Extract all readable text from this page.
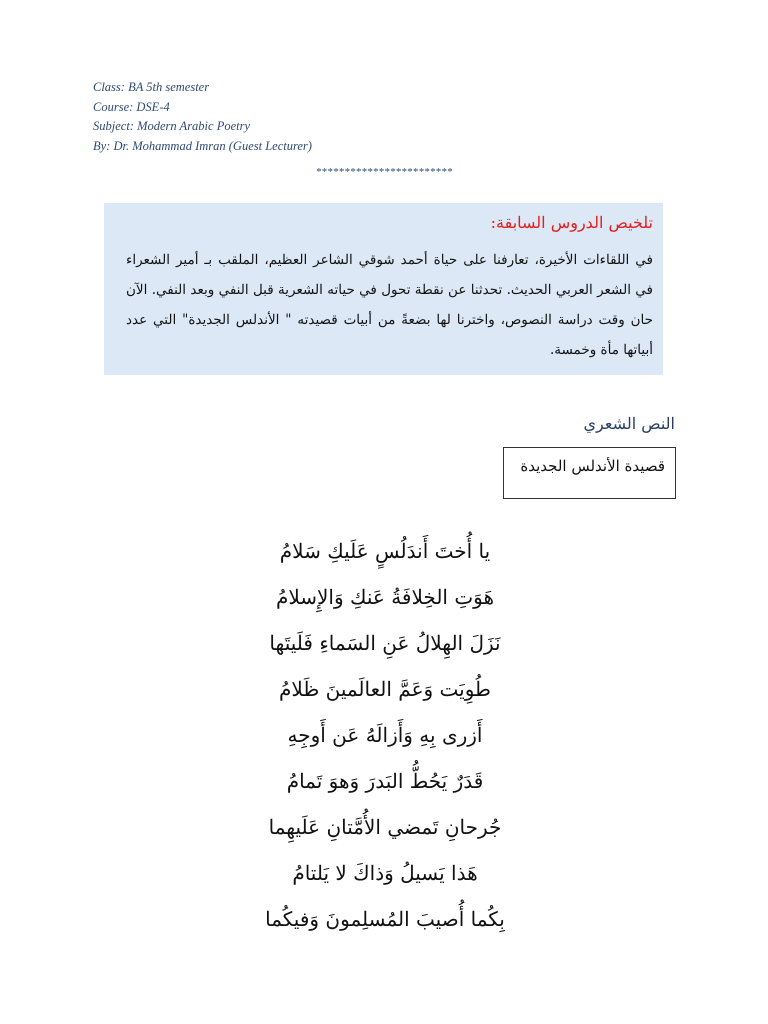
Class: BA 5th semester
Course: DSE-4
Subject: Modern Arabic Poetry
By: Dr. Mohammad Imran (Guest Lecturer)
************************
تلخيص الدروس السابقة:
في اللقاءات الأخيرة، تعارفنا على حياة أحمد شوقي الشاعر العظيم، الملقب بـ أمير الشعراء في الشعر العربي الحديث. تحدثنا عن نقطة تحول في حياته الشعرية قبل النفي وبعد النفي. الآن حان وقت دراسة النصوص، واخترنا لها بضعةً من أبيات قصيدته " الأندلس الجديدة" التي عدد أبياتها مأة وخمسة.
النص الشعري
قصيدة الأندلس الجديدة
يا أُختَ أَندَلُسٍ عَلَيكِ سَلامُ
هَوَتِ الخِلافَةُ عَنكِ وَالإِسلامُ
نَزَلَ الهِلالُ عَنِ السَماءِ فَلَيتَها
طُوِيَت وَعَمَّ العالَمينَ ظَلامُ
أَزرى بِهِ وَأَزالَهُ عَن أَوجِهِ
قَدَرٌ يَحُطُّ البَدرَ وَهوَ تَمامُ
جُرحانِ تَمضي الأُمَّتانِ عَلَيهِما
هَذا يَسيلُ وَذاكَ لا يَلتامُ
بِكُما أُصيبَ المُسلِمونَ وَفيكُما
